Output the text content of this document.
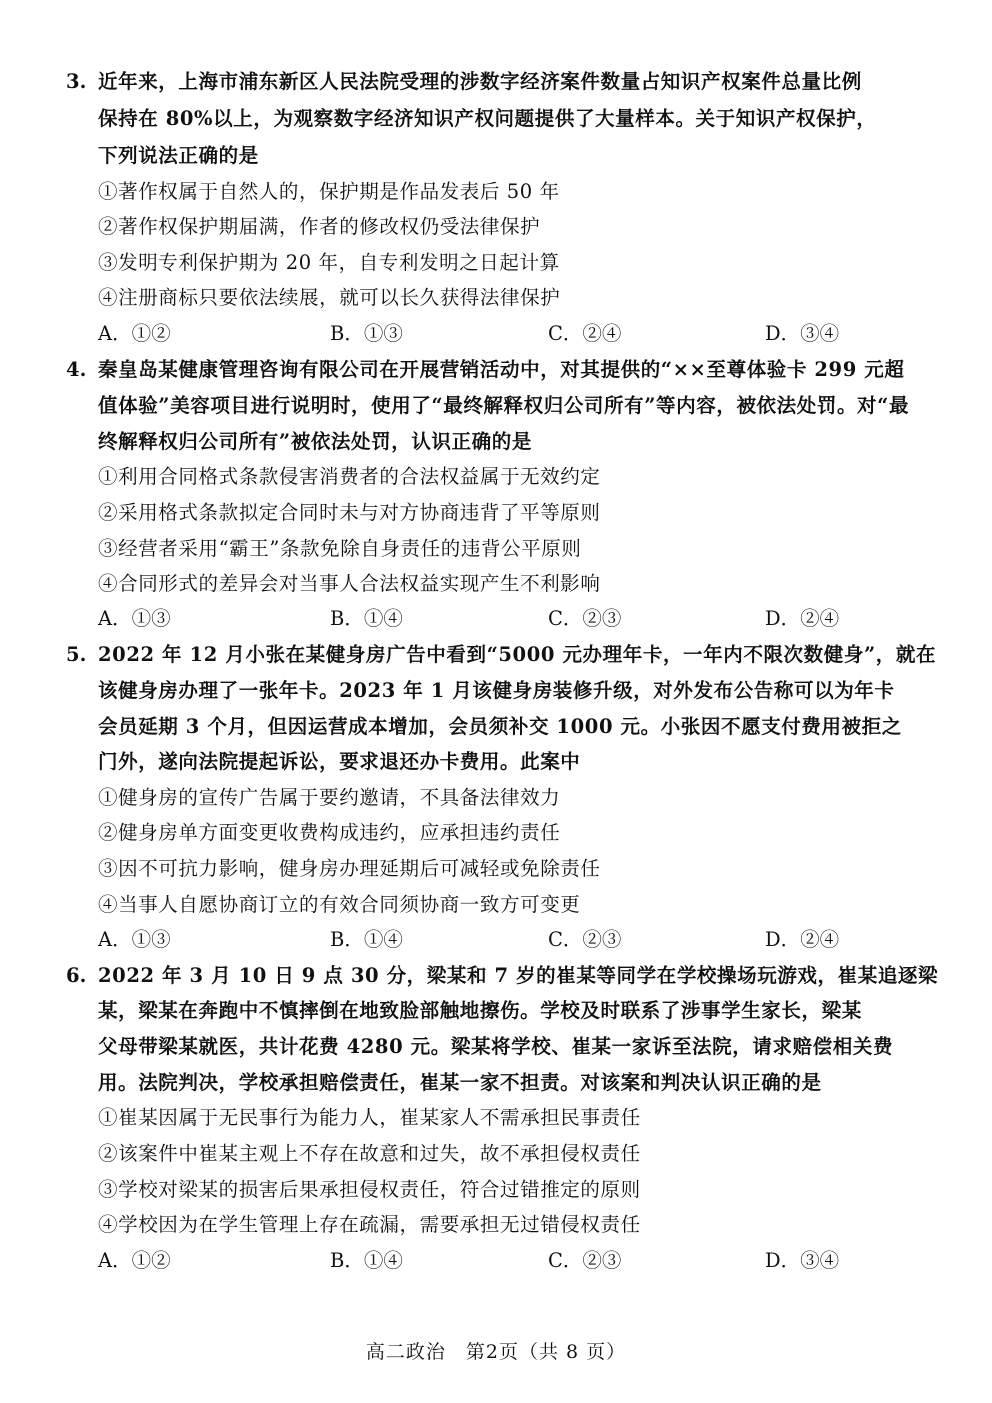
3. 近年来，上海市浦东新区人民法院受理的涉数字经济案件数量占知识产权案件总量比例
保持在 80%以上，为观察数字经济知识产权问题提供了大量样本。关于知识产权保护，
下列说法正确的是
①著作权属于自然人的，保护期是作品发表后 50 年
②著作权保护期届满，作者的修改权仍受法律保护
③发明专利保护期为 20 年，自专利发明之日起计算
④注册商标只要依法续展，就可以长久获得法律保护
A．①②	B．①③	C．②④	D．③④
4. 秦皇岛某健康管理咨询有限公司在开展营销活动中，对其提供的“××至尊体验卡 299 元超
值体验”美容项目进行说明时，使用了“最终解释权归公司所有”等内容，被依法处罚。对“最
终解释权归公司所有”被依法处罚，认识正确的是
①利用合同格式条款侵害消费者的合法权益属于无效约定
②采用格式条款拟定合同时未与对方协商违背了平等原则
③经营者采用“霸王”条款免除自身责任的违背公平原则
④合同形式的差异会对当事人合法权益实现产生不利影响
A．①③	B．①④	C．②③	D．②④
5. 2022 年 12 月小张在某健身房广告中看到“5000 元办理年卡，一年内不限次数健身”，就在
该健身房办理了一张年卡。2023 年 1 月该健身房装修升级，对外发布公告称可以为年卡
会员延期 3 个月，但因运营成本增加，会员须补交 1000 元。小张因不愿支付费用被拒之
门外，遂向法院提起诉讼，要求退还办卡费用。此案中
①健身房的宣传广告属于要约邀请，不具备法律效力
②健身房单方面变更收费构成违约，应承担违约责任
③因不可抗力影响，健身房办理延期后可减轻或免除责任
④当事人自愿协商订立的有效合同须协商一致方可变更
A．①③	B．①④	C．②③	D．②④
6. 2022 年 3 月 10 日 9 点 30 分，梁某和 7 岁的崔某等同学在学校操场玩游戏，崔某追逐梁
某，梁某在奔跑中不慎摔倒在地致脸部触地擦伤。学校及时联系了涉事学生家长，梁某
父母带梁某就医，共计花费 4280 元。梁某将学校、崔某一家诉至法院，请求赔偿相关费
用。法院判决，学校承担赔偿责任，崔某一家不担责。对该案和判决认识正确的是
①崔某因属于无民事行为能力人，崔某家人不需承担民事责任
②该案件中崔某主观上不存在故意和过失，故不承担侵权责任
③学校对梁某的损害后果承担侵权责任，符合过错推定的原则
④学校因为在学生管理上存在疏漏，需要承担无过错侵权责任
A．①②	B．①④	C．②③	D．③④
高二政治　第2页（共 8 页）
